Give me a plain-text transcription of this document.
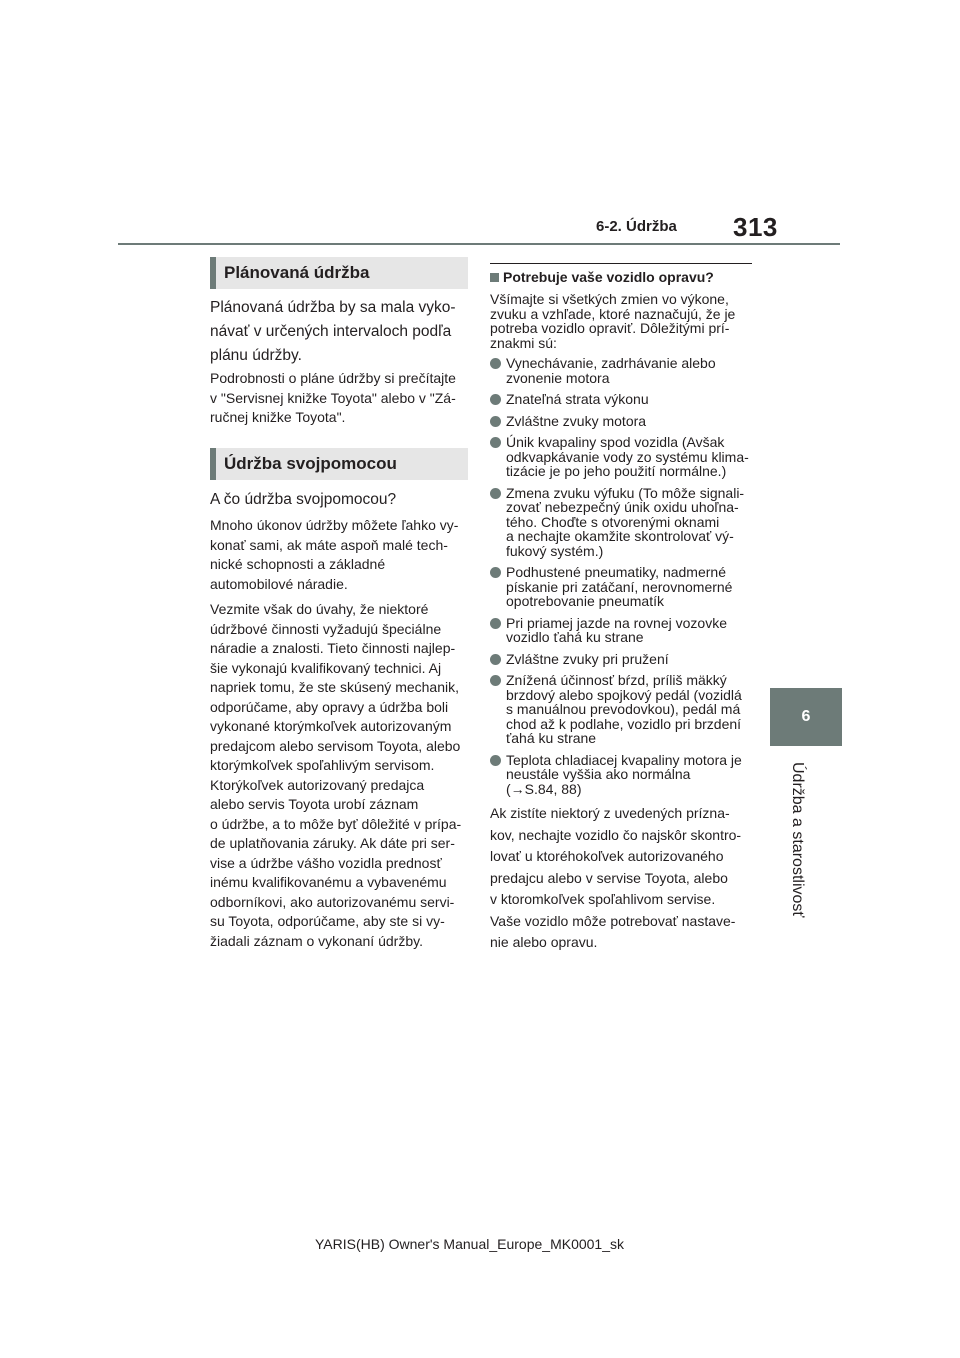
6-2. Údržba 313
6
Údržba a starostlivosť
Plánovaná údržba

Plánovaná údržba by sa mala vyko-

návať v určených intervaloch podľa

plánu údržby.

Podrobnosti o pláne údržby si prečítajte

v "Servisnej knižke Toyota" alebo v "Zá-

ručnej knižke Toyota".

Údržba svojpomocou

A čo údržba svojpomocou?

Mnoho úkonov údržby môžete ľahko vy-

konať sami, ak máte aspoň malé tech-

nické schopnosti a základné

automobilové náradie.

Vezmite však do úvahy, že niektoré

údržbové činnosti vyžadujú špeciálne

náradie a znalosti. Tieto činnosti najlep-

šie vykonajú kvalifikovaný technici. Aj

napriek tomu, že ste skúsený mechanik,

odporúčame, aby opravy a údržba boli

vykonané ktorýmkoľvek autorizovaným

predajcom alebo servisom Toyota, alebo

ktorýmkoľvek spoľahlivým servisom.

Ktorýkoľvek autorizovaný predajca

alebo servis Toyota urobí záznam

o údržbe, a to môže byť dôležité v prípa-

de uplatňovania záruky. Ak dáte pri ser-

vise a údržbe vášho vozidla prednosť

inému kvalifikovanému a vybavenému

odborníkovi, ako autorizovanému servi-

su Toyota, odporúčame, aby ste si vy-

žiadali záznam o vykonaní údržby.

Potrebuje vaše vozidlo opravu?

Všímajte si všetkých zmien vo výkone,
zvuku a vzhľade, ktoré naznačujú, že je
potreba vozidlo opraviť. Dôležitými prí-
znakmi sú:

Vynechávanie, zadrhávanie alebo
zvonenie motora
Znateľná strata výkonu
Zvláštne zvuky motora
Únik kvapaliny spod vozidla (Avšak
odkvapkávanie vody zo systému klima-
tizácie je po jeho použití normálne.)
Zmena zvuku výfuku (To môže signali-
zovať nebezpečný únik oxidu uhoľna-
tého. Choďte s otvorenými oknami
a nechajte okamžite skontrolovať vý-
fukový systém.)
Podhustené pneumatiky, nadmerné
pískanie pri zatáčaní, nerovnomerné
opotrebovanie pneumatík
Pri priamej jazde na rovnej vozovke
vozidlo ťahá ku strane
Zvláštne zvuky pri pružení
Znížená účinnosť bŕzd, príliš mäkký
brzdový alebo spojkový pedál (vozidlá
s manuálnou prevodovkou), pedál má
chod až k podlahe, vozidlo pri brzdení
ťahá ku strane
Teplota chladiacej kvapaliny motora je
neustále vyššia ako normálna
(→S.84, 88)

Ak zistíte niektorý z uvedených prízna-

kov, nechajte vozidlo čo najskôr skontro-

lovať u ktoréhokoľvek autorizovaného

predajcu alebo v servise Toyota, alebo

v ktoromkoľvek spoľahlivom servise.

Vaše vozidlo môže potrebovať nastave-

nie alebo opravu.

YARIS(HB) Owner's Manual_Europe_MK0001_sk
